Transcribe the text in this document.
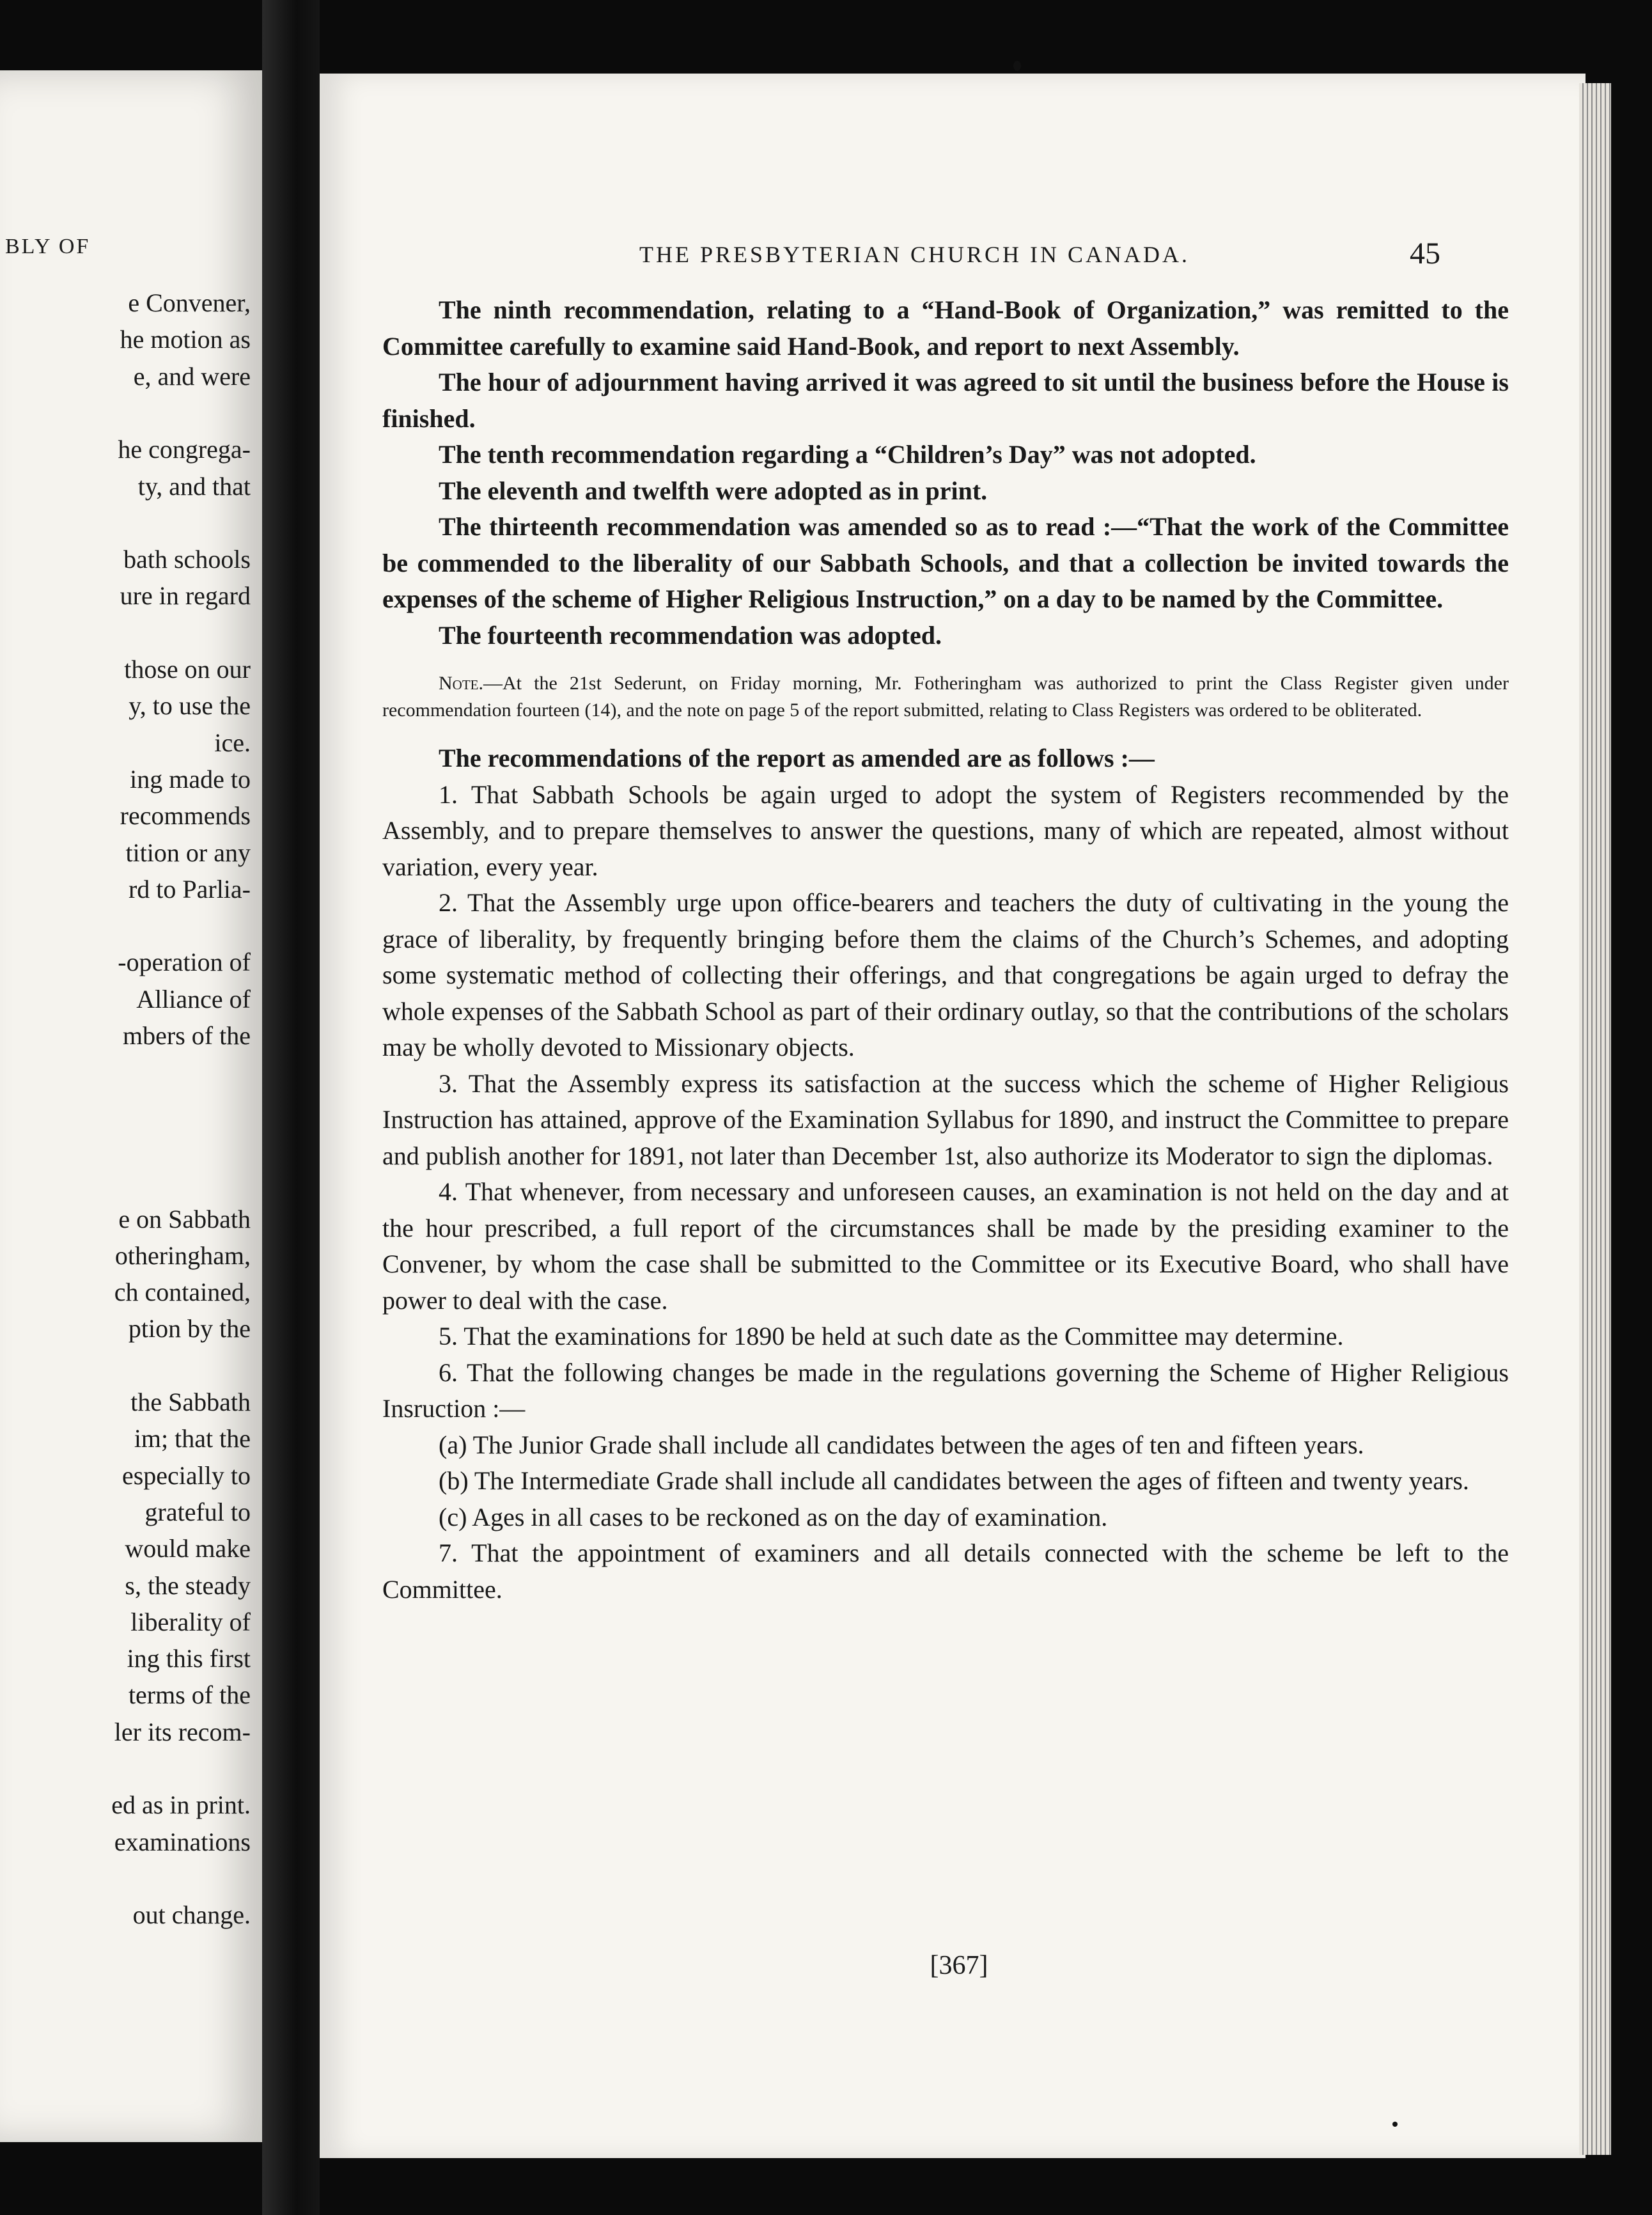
BLY OF
e Convener,
he motion as
e, and were
he congrega-
ty, and that
bath schools
ure in regard
those on our
y, to use the
ice.
ing made to
recommends
tition or any
rd to Parlia-
-operation of
Alliance of
mbers of the
e on Sabbath
otheringham,
ch contained,
ption by the
the Sabbath
im; that the
especially to
grateful to
would make
s, the steady
liberality of
ing this first
terms of the
ler its recom-
ed as in print.
examinations
out change.
THE PRESBYTERIAN CHURCH IN CANADA.	45

The ninth recommendation, relating to a “Hand-Book of Organization,” was remitted to the Committee carefully to examine said Hand-Book, and report to next Assembly.

The hour of adjournment having arrived it was agreed to sit until the business before the House is finished.

The tenth recommendation regarding a “Children’s Day” was not adopted.

The eleventh and twelfth were adopted as in print.

The thirteenth recommendation was amended so as to read :—“That the work of the Committee be commended to the liberality of our Sabbath Schools, and that a collection be invited towards the expenses of the scheme of Higher Religious Instruction,” on a day to be named by the Committee.

The fourteenth recommendation was adopted.

Note.—At the 21st Sederunt, on Friday morning, Mr. Fotheringham was authorized to print the Class Register given under recommendation fourteen (14), and the note on page 5 of the report submitted, relating to Class Registers was ordered to be obliterated.

The recommendations of the report as amended are as follows :—

1. That Sabbath Schools be again urged to adopt the system of Registers recommended by the Assembly, and to prepare themselves to answer the questions, many of which are repeated, almost without variation, every year.

2. That the Assembly urge upon office-bearers and teachers the duty of cultivating in the young the grace of liberality, by frequently bringing before them the claims of the Church’s Schemes, and adopting some systematic method of collecting their offerings, and that congregations be again urged to defray the whole expenses of the Sabbath School as part of their ordinary outlay, so that the contributions of the scholars may be wholly devoted to Missionary objects.

3. That the Assembly express its satisfaction at the success which the scheme of Higher Religious Instruction has attained, approve of the Examination Syllabus for 1890, and instruct the Committee to prepare and publish another for 1891, not later than December 1st, also authorize its Moderator to sign the diplomas.

4. That whenever, from necessary and unforeseen causes, an examination is not held on the day and at the hour prescribed, a full report of the circumstances shall be made by the presiding examiner to the Convener, by whom the case shall be submitted to the Committee or its Executive Board, who shall have power to deal with the case.

5. That the examinations for 1890 be held at such date as the Committee may determine.

6. That the following changes be made in the regulations governing the Scheme of Higher Religious Insruction :—

(a) The Junior Grade shall include all candidates between the ages of ten and fifteen years.

(b) The Intermediate Grade shall include all candidates between the ages of fifteen and twenty years.

(c) Ages in all cases to be reckoned as on the day of examination.

7. That the appointment of examiners and all details connected with the scheme be left to the Committee.

[367]
